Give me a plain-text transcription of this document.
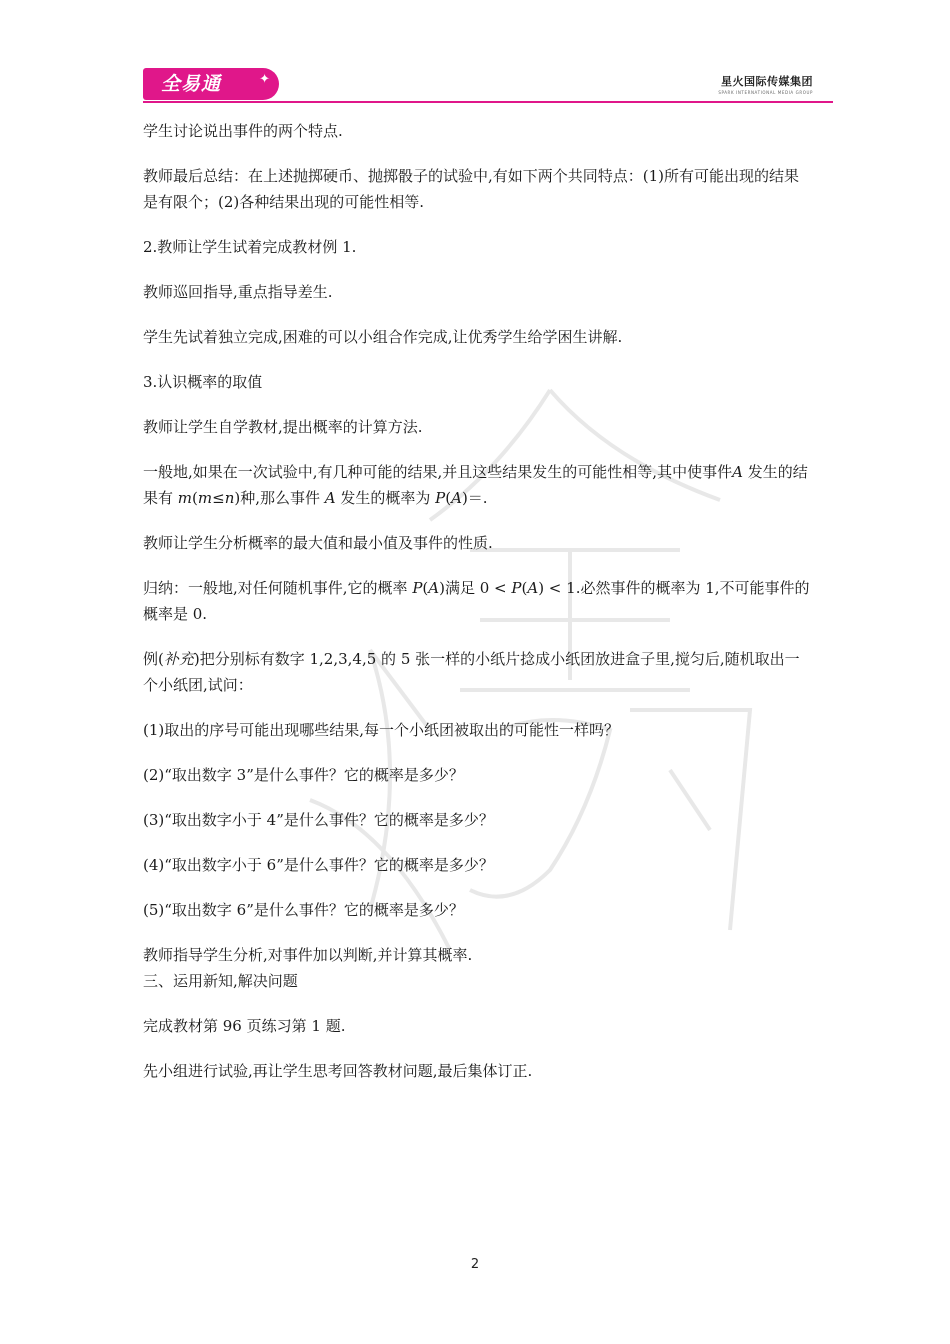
全易通	✦	星火国际传媒集团
SPARK INTERNATIONAL MEDIA GROUP

学生讨论说出事件的两个特点.

教师最后总结：在上述抛掷硬币、抛掷骰子的试验中,有如下两个共同特点：(1)所有可能出现的结果是有限个；(2)各种结果出现的可能性相等.

2.教师让学生试着完成教材例 1.

教师巡回指导,重点指导差生.

学生先试着独立完成,困难的可以小组合作完成,让优秀学生给学困生讲解.

3.认识概率的取值

教师让学生自学教材,提出概率的计算方法.

一般地,如果在一次试验中,有几种可能的结果,并且这些结果发生的可能性相等,其中使事件A 发生的结果有 m(m≤n)种,那么事件 A 发生的概率为 P(A)＝.

教师让学生分析概率的最大值和最小值及事件的性质.

归纳：一般地,对任何随机事件,它的概率 P(A)满足 0 < P(A) < 1.必然事件的概率为 1,不可能事件的概率是 0.

例(补充)把分别标有数字 1,2,3,4,5 的 5 张一样的小纸片捻成小纸团放进盒子里,搅匀后,随机取出一个小纸团,试问：

(1)取出的序号可能出现哪些结果,每一个小纸团被取出的可能性一样吗？

(2)“取出数字 3”是什么事件？它的概率是多少？

(3)“取出数字小于 4”是什么事件？它的概率是多少？

(4)“取出数字小于 6”是什么事件？它的概率是多少？

(5)“取出数字 6”是什么事件？它的概率是多少？

教师指导学生分析,对事件加以判断,并计算其概率.

三、运用新知,解决问题

完成教材第 96 页练习第 1 题.

先小组进行试验,再让学生思考回答教材问题,最后集体订正.

2
